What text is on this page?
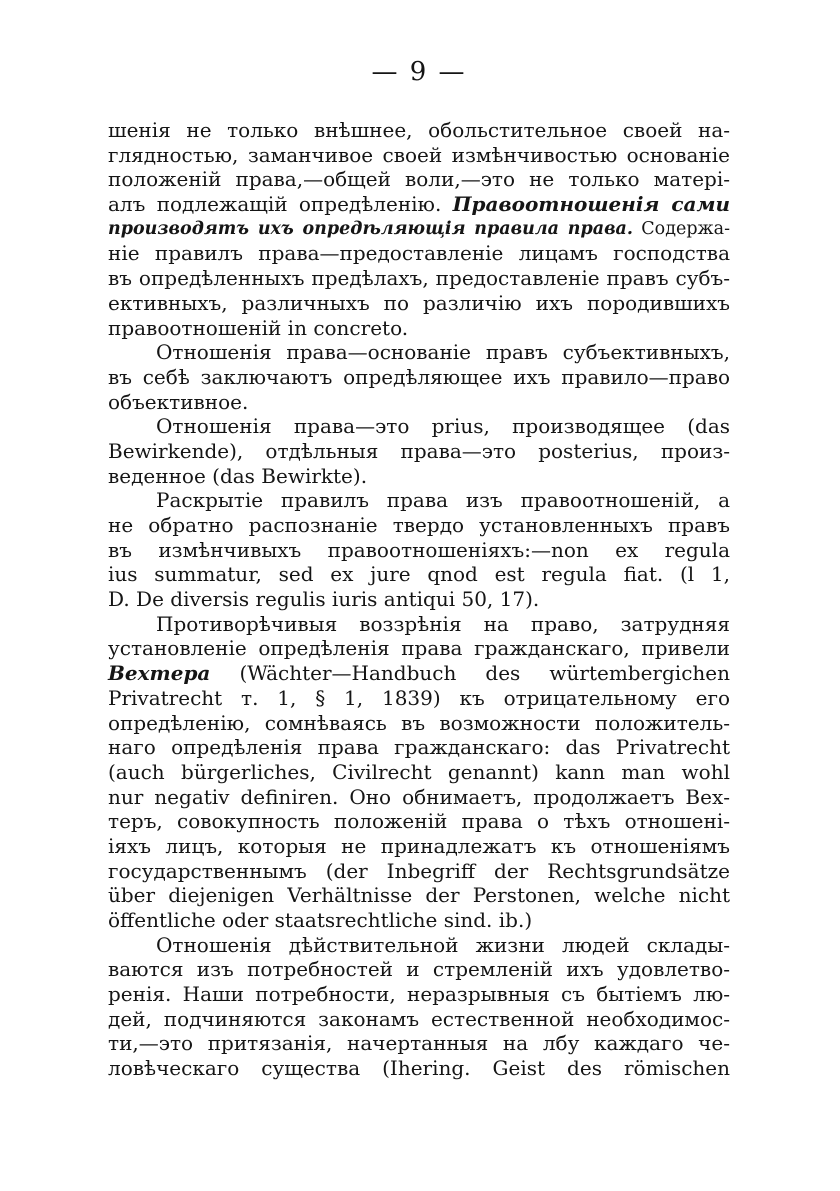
— 9 —
шенія не только внѣшнее, обольстительное своей на-
глядностью, заманчивое своей измѣнчивостью основаніе
положеній права,—общей воли,—это не только матері-
алъ подлежащій опредѣленію. Правоотношенія сами
производятъ ихъ опредѣляющія правила права. Содержа-
ніе правилъ права—предоставленіе лицамъ господства
въ опредѣленныхъ предѣлахъ, предоставленіе правъ субъ-
ективныхъ, различныхъ по различію ихъ породившихъ
правоотношеній in concreto.
Отношенія права—основаніе правъ субъективныхъ,
въ себѣ заключаютъ опредѣляющее ихъ правило—право
объективное.
Отношенія права—это prius, производящее (das
Bewirkende), отдѣльныя права—это posterius, произ-
веденное (das Bewirkte).
Раскрытіе правилъ права изъ правоотношеній, а
не обратно распознаніе твердо установленныхъ правъ
въ измѣнчивыхъ правоотношеніяхъ:—non ex regula
ius summatur, sed ex jure qnod est regula fiat. (l 1,
D. De diversis regulis iuris antiqui 50, 17).
Противорѣчивыя воззрѣнія на право, затрудняя
установленіе опредѣленія права гражданскаго, привели
Вехтера (Wächter—Handbuch des würtembergichen
Privatrecht т. 1, § 1, 1839) къ отрицательному его
опредѣленію, сомнѣваясь въ возможности положитель-
наго опредѣленія права гражданскаго: das Privatrecht
(auch bürgerliches, Civilrecht genannt) kann man wohl
nur negativ definiren. Оно обнимаетъ, продолжаетъ Вех-
теръ, совокупность положеній права о тѣхъ отношені-
іяхъ лицъ, которыя не принадлежатъ къ отношеніямъ
государственнымъ (der Inbegriff der Rechtsgrundsätze
über diejenigen Verhältnisse der Perstonen, welche nicht
öffentliche oder staatsrechtliche sind. ib.)
Отношенія дѣйствительной жизни людей склады-
ваются изъ потребностей и стремленій ихъ удовлетво-
ренія. Наши потребности, неразрывныя съ бытіемъ лю-
дей, подчиняются законамъ естественной необходимос-
ти,—это притязанія, начертанныя на лбу каждаго че-
ловѣческаго существа (Ihering. Geist des römischen
